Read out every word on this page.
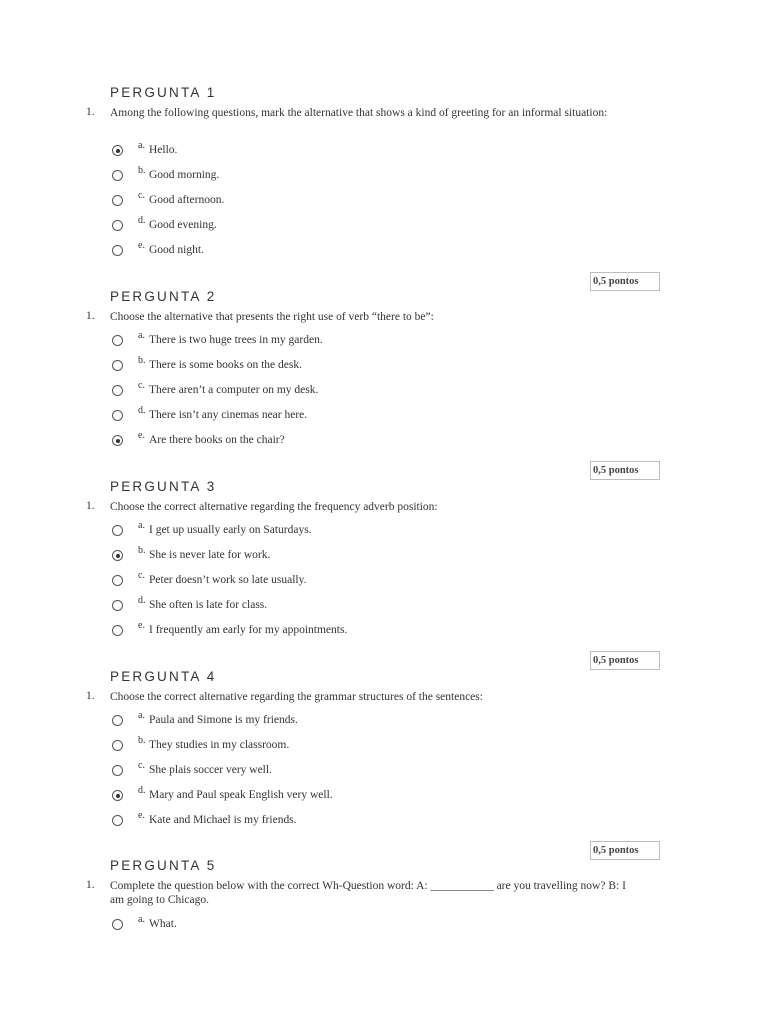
PERGUNTA 1
1. Among the following questions, mark the alternative that shows a kind of greeting for an informal situation:
a. Hello.
b. Good morning.
c. Good afternoon.
d. Good evening.
e. Good night.
0,5 pontos
PERGUNTA 2
1. Choose the alternative that presents the right use of verb “there to be”:
a. There is two huge trees in my garden.
b. There is some books on the desk.
c. There aren’t a computer on my desk.
d. There isn’t any cinemas near here.
e. Are there books on the chair?
0,5 pontos
PERGUNTA 3
1. Choose the correct alternative regarding the frequency adverb position:
a. I get up usually early on Saturdays.
b. She is never late for work.
c. Peter doesn’t work so late usually.
d. She often is late for class.
e. I frequently am early for my appointments.
0,5 pontos
PERGUNTA 4
1. Choose the correct alternative regarding the grammar structures of the sentences:
a. Paula and Simone is my friends.
b. They studies in my classroom.
c. She plais soccer very well.
d. Mary and Paul speak English very well.
e. Kate and Michael is my friends.
0,5 pontos
PERGUNTA 5
1. Complete the question below with the correct Wh-Question word: A: ___________ are you travelling now? B: I am going to Chicago.
a. What.
